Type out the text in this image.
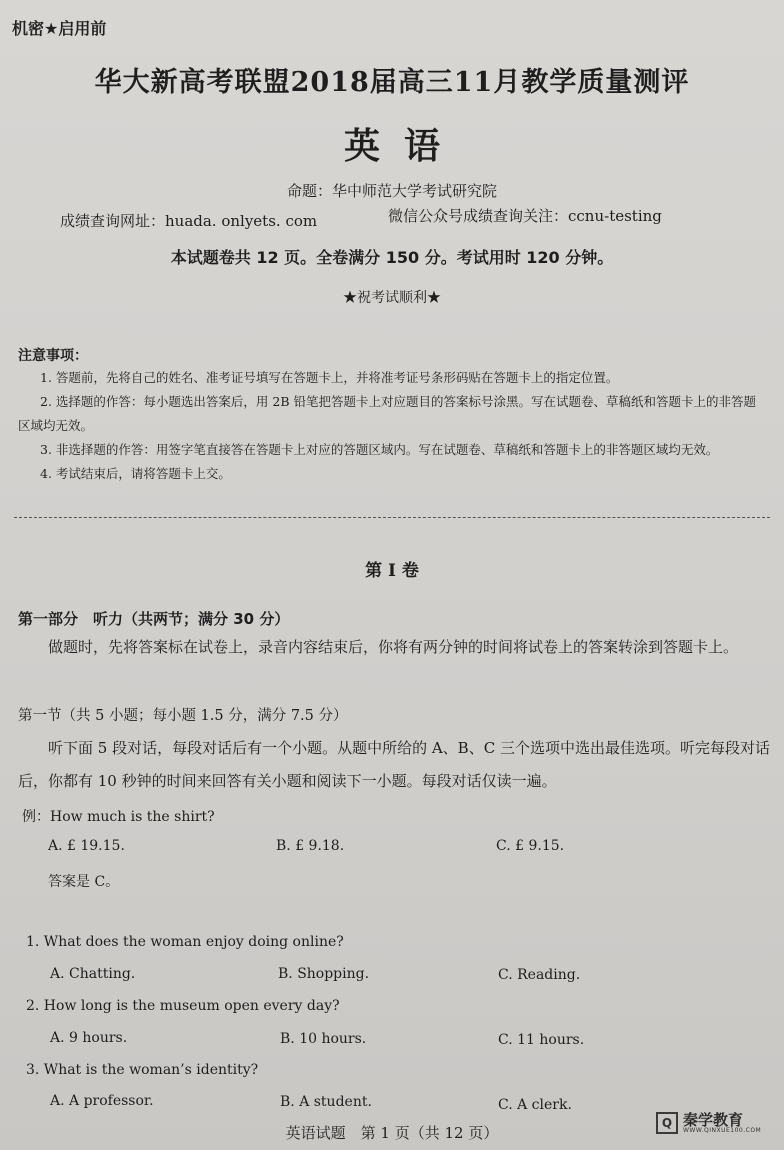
机密★启用前
华大新高考联盟2018届高三11月教学质量测评
英语
命题：华中师范大学考试研究院
成绩查询网址：huada. onlyets. com	微信公众号成绩查询关注：ccnu-testing
本试题卷共 12 页。全卷满分 150 分。考试用时 120 分钟。
★祝考试顺利★
注意事项：

1. 答题前，先将自己的姓名、准考证号填写在答题卡上，并将准考证号条形码贴在答题卡上的指定位置。

2. 选择题的作答：每小题选出答案后，用 2B 铅笔把答题卡上对应题目的答案标号涂黑。写在试题卷、草稿纸和答题卡上的非答题区域均无效。

3. 非选择题的作答：用签字笔直接答在答题卡上对应的答题区域内。写在试题卷、草稿纸和答题卡上的非答题区域均无效。

4. 考试结束后，请将答题卡上交。

第 Ⅰ 卷
第一部分　听力（共两节；满分 30 分）

做题时，先将答案标在试卷上，录音内容结束后，你将有两分钟的时间将试卷上的答案转涂到答题卡上。

第一节（共 5 小题；每小题 1.5 分，满分 7.5 分）

听下面 5 段对话，每段对话后有一个小题。从题中所给的 A、B、C 三个选项中选出最佳选项。听完每段对话后，你都有 10 秒钟的时间来回答有关小题和阅读下一小题。每段对话仅读一遍。

例：How much is the shirt?
A. £ 19.15.	B. £ 9.18.	C. £ 9.15.
答案是 C。
1. What does the woman enjoy doing online?
A. Chatting.	B. Shopping.	C. Reading.
2. How long is the museum open every day?
A. 9 hours.	B. 10 hours.	C. 11 hours.
3. What is the woman’s identity?
A. A professor.	B. A student.	C. A clerk.
英语试题　第 1 页（共 12 页）
Q 秦学教育
WWW.QINXUE100.COM
